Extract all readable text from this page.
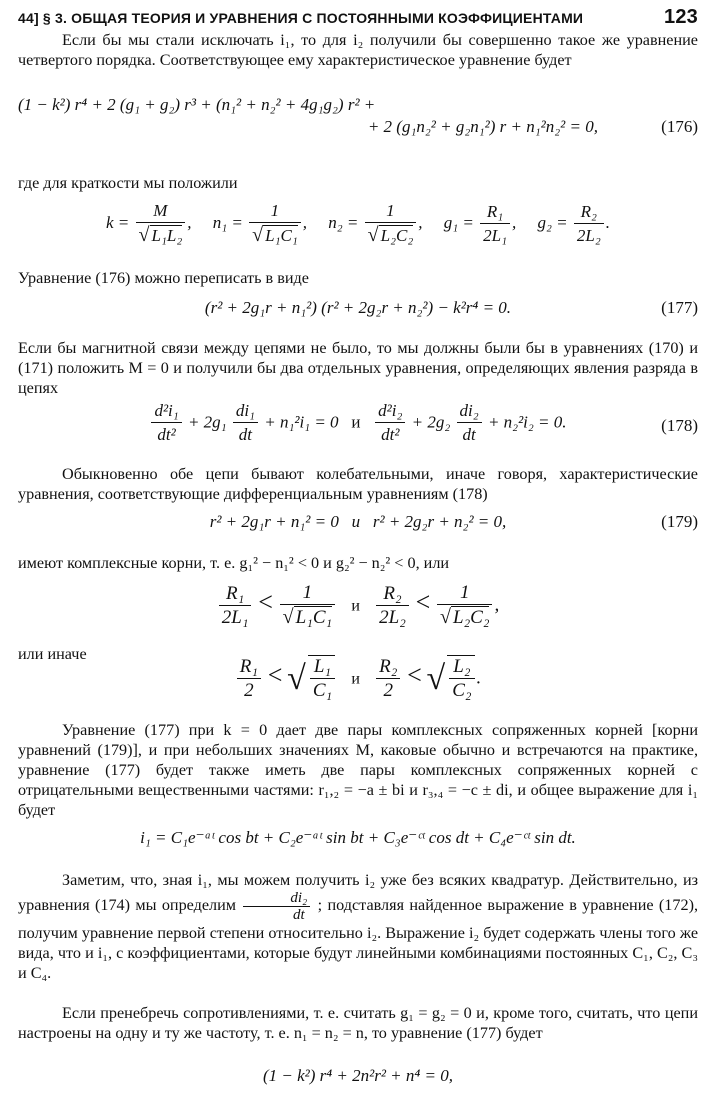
44] § 3. ОБЩАЯ ТЕОРИЯ И УРАВНЕНИЯ С ПОСТОЯННЫМИ КОЭФФИЦИЕНТАМИ	123
Если бы мы стали исключать i₁, то для i₂ получили бы совершенно такое же уравнение четвертого порядка. Соответствующее ему характеристическое уравнение будет
(1 − k²) r⁴ + 2 (g₁ + g₂) r³ + (n₁² + n₂² + 4g₁g₂) r² +
+ 2 (g₁n₂² + g₂n₁²) r + n₁²n₂² = 0,	(176)
где для краткости мы положили
$k = \frac{M}{\text{√ L₁L₂}}$ ,     $n_1 = \frac{1}{\text{√ L₁C₁}}$ ,     $n_2 = \frac{1}{\text{√ L₂C₂}}$ ,     $g_1 = \frac{\text{R₁}}{\text{2L₁}}$ ,     $g_2 = \frac{\text{R₂}}{\text{2L₂}}$ .
Уравнение (176) можно переписать в виде
(r² + 2g₁r + n₁²) (r² + 2g₂r + n₂²) − k²r⁴ = 0.	(177)
Если бы магнитной связи между цепями не было, то мы должны были бы в уравнениях (170) и (171) положить M = 0 и получили бы два отдельных уравнения, определяющих явления разряда в цепях
$\frac{\text{d²i₁}}{\text{dt²}} + 2g_1 \frac{\text{di₁}}{dt} + n_1^2i_1 = 0$ и $\frac{\text{d²i₂}}{\text{dt²}} + 2g_2 \frac{\text{di₂}}{dt} + n_2^2i_2 = 0$.	(178)
Обыкновенно обе цепи бывают колебательными, иначе говоря, характеристические уравнения, соответствующие дифференциальным уравнениям (178)
r² + 2g₁r + n₁² = 0   и   r² + 2g₂r + n₂² = 0,	(179)
имеют комплексные корни, т. е. g₁² − n₁² < 0 и g₂² − n₂² < 0, или
$\frac{\text{R₁}}{\text{2L₁}} < \frac{1}{\text{√ L₁C₁}}$ и $\frac{\text{R₂}}{\text{2L₂}} < \frac{1}{\text{√ L₂C₂}}$ ,
или иначе
$\frac{\text{R₁}}{2}$ < √ $\frac{\text{L₁}}{\text{C₁}}$ и $\frac{\text{R₂}}{2}$ < √ $\frac{\text{L₂}}{\text{C₂}}$ .
Уравнение (177) при k = 0 дает две пары комплексных сопряженных корней [корни уравнений (179)], и при небольших значениях M, каковые обычно и встречаются на практике, уравнение (177) будет также иметь две пары комплексных сопряженных корней с отрицательными вещественными частями: r₁,₂ = −a ± bi и r₃,₄ = −c ± di, и общее выражение для i₁ будет
i₁ = C₁e⁻ᵃᵗ cos bt + C₂e⁻ᵃᵗ sin bt + C₃e⁻ᶜᵗ cos dt + C₄e⁻ᶜᵗ sin dt.
Заметим, что, зная i₁, мы можем получить i₂ уже без всяких квадратур. Действительно, из уравнения (174) мы определим $\frac{\text{di₂}}{dt}$ ; подставляя найденное выражение в уравнение (172), получим уравнение первой степени относительно i₂. Выражение i₂ будет содержать члены того же вида, что и i₁, с коэффициентами, которые будут линейными комбинациями постоянных C₁, C₂, C₃ и C₄.
Если пренебречь сопротивлениями, т. е. считать g₁ = g₂ = 0 и, кроме того, считать, что цепи настроены на одну и ту же частоту, т. е. n₁ = n₂ = n, то уравнение (177) будет
(1 − k²) r⁴ + 2n²r² + n⁴ = 0,
